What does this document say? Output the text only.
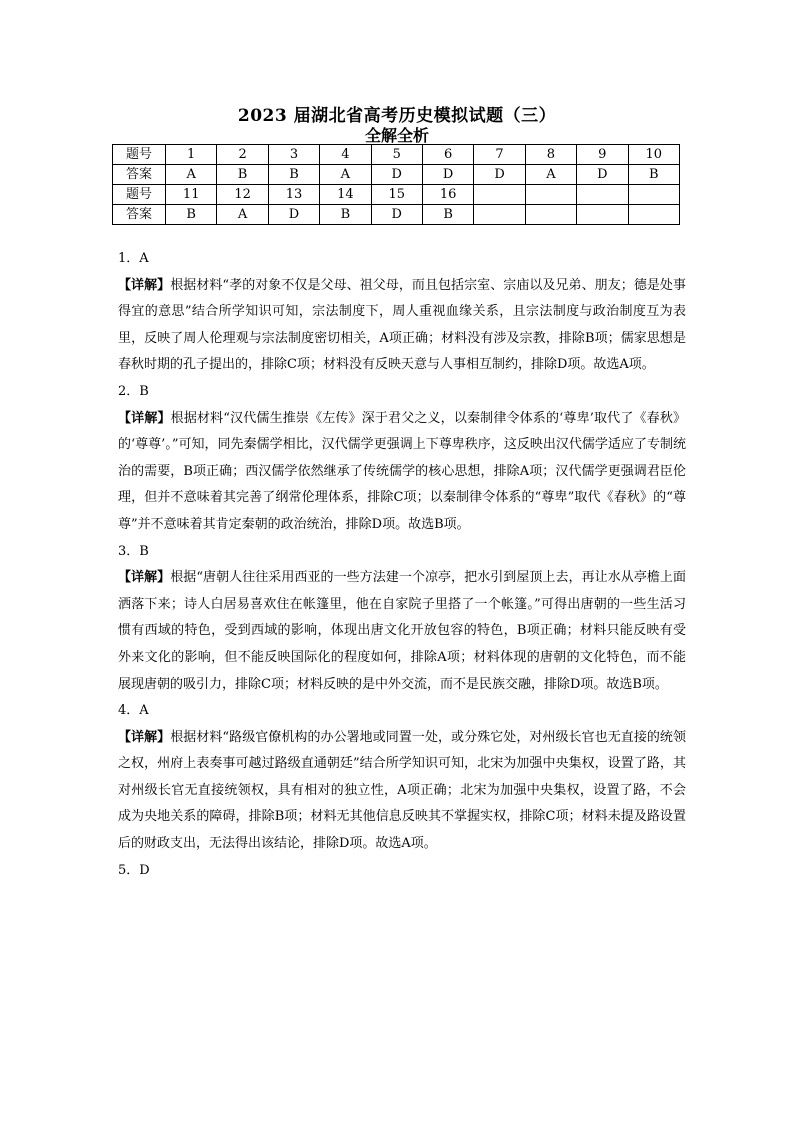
2023 届湖北省高考历史模拟试题（三）
全解全析
题号	1	2	3	4	5	6	7	8	9	10
答案	A	B	B	A	D	D	D	A	D	B
题号	11	12	13	14	15	16				
答案	B	A	D	B	D	B				

1．A

【详解】根据材料“孝的对象不仅是父母、祖父母，而且包括宗室、宗庙以及兄弟、朋友；德是处事得宜的意思”结合所学知识可知，宗法制度下，周人重视血缘关系，且宗法制度与政治制度互为表里，反映了周人伦理观与宗法制度密切相关，A项正确；材料没有涉及宗教，排除B项；儒家思想是春秋时期的孔子提出的，排除C项；材料没有反映天意与人事相互制约，排除D项。故选A项。

2．B

【详解】根据材料“汉代儒生推崇《左传》深于君父之义，以秦制律令体系的‘尊卑’取代了《春秋》的‘尊尊’。”可知，同先秦儒学相比，汉代儒学更强调上下尊卑秩序，这反映出汉代儒学适应了专制统治的需要，B项正确；西汉儒学依然继承了传统儒学的核心思想，排除A项；汉代儒学更强调君臣伦理，但并不意味着其完善了纲常伦理体系，排除C项；以秦制律令体系的“尊卑”取代《春秋》的“尊尊”并不意味着其肯定秦朝的政治统治，排除D项。故选B项。

3．B

【详解】根据“唐朝人往往采用西亚的一些方法建一个凉亭，把水引到屋顶上去，再让水从亭檐上面洒落下来；诗人白居易喜欢住在帐篷里，他在自家院子里搭了一个帐篷。”可得出唐朝的一些生活习惯有西域的特色，受到西域的影响，体现出唐文化开放包容的特色，B项正确；材料只能反映有受外来文化的影响，但不能反映国际化的程度如何，排除A项；材料体现的唐朝的文化特色，而不能展现唐朝的吸引力，排除C项；材料反映的是中外交流，而不是民族交融，排除D项。故选B项。

4．A

【详解】根据材料“路级官僚机构的办公署地或同置一处，或分殊它处，对州级长官也无直接的统领之权，州府上表奏事可越过路级直通朝廷”结合所学知识可知，北宋为加强中央集权，设置了路，其对州级长官无直接统领权，具有相对的独立性，A项正确；北宋为加强中央集权，设置了路，不会成为央地关系的障碍，排除B项；材料无其他信息反映其不掌握实权，排除C项；材料未提及路设置后的财政支出，无法得出该结论，排除D项。故选A项。

5．D
